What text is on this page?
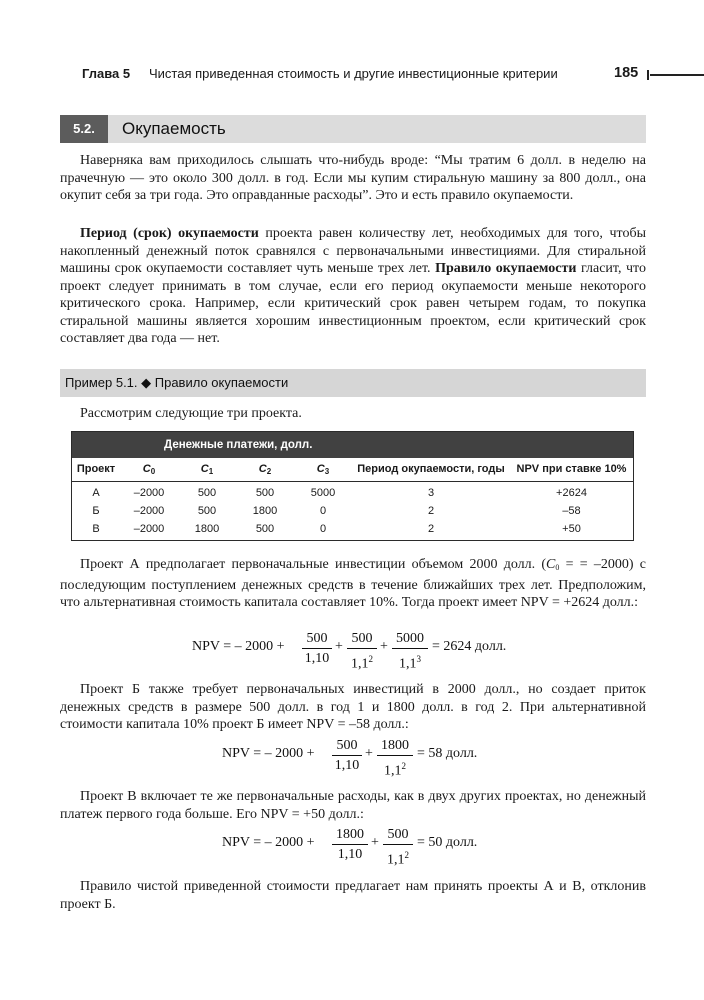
Глава 5 Чистая приведенная стоимость и другие инвестиционные критерии	185
5.2.	Окупаемость

Наверняка вам приходилось слышать что-нибудь вроде: “Мы тратим 6 долл. в неделю на прачечную — это около 300 долл. в год. Если мы купим стиральную машину за 800 долл., она окупит себя за три года. Это оправданные расходы”. Это и есть правило окупаемости.

Период (срок) окупаемости проекта равен количеству лет, необходимых для того, чтобы накопленный денежный поток сравнялся с первоначальными инвестициями. Для стиральной машины срок окупаемости составляет чуть меньше трех лет. Правило окупаемости гласит, что проект следует принимать в том случае, если его период окупаемости меньше некоторого критического срока. Например, если критический срок равен четырем годам, то покупка стиральной машины является хорошим инвестиционным проектом, если критический срок составляет два года — нет.

Пример 5.1. ◆ Правило окупаемости

Рассмотрим следующие три проекта.

Денежные платежи, долл.
Проект	$C_0$	$C_1$	$C_2$	$C_3$	Период окупаемости, годы	NPV при ставке 10%
А	–2000	500	500	5000	3	+2624
Б	–2000	500	1800	0	2	–58
В	–2000	1800	500	0	2	+50

Проект А предполагает первоначальные инвестиции объемом 2000 долл. ($C_0$ = = –2000) с последующим поступлением денежных средств в течение ближайших трех лет. Предположим, что альтернативная стоимость капитала составляет 10%. Тогда проект имеет NPV = +2624 долл.:

NPV = – 2000 +
500
1,10
+
500
$1,1^2$
+
5000
$1,1^3$
= 2624 долл.

Проект Б также требует первоначальных инвестиций в 2000 долл., но создает приток денежных средств в размере 500 долл. в год 1 и 1800 долл. в год 2. При альтернативной стоимости капитала 10% проект Б имеет NPV = –58 долл.:

NPV = – 2000 +
500
1,10
+
1800
$1,1^2$
= 58 долл.

Проект В включает те же первоначальные расходы, как в двух других проектах, но денежный платеж первого года больше. Его NPV = +50 долл.:

NPV = – 2000 +
1800
1,10
+
500
$1,1^2$
= 50 долл.

Правило чистой приведенной стоимости предлагает нам принять проекты А и В, отклонив проект Б.
